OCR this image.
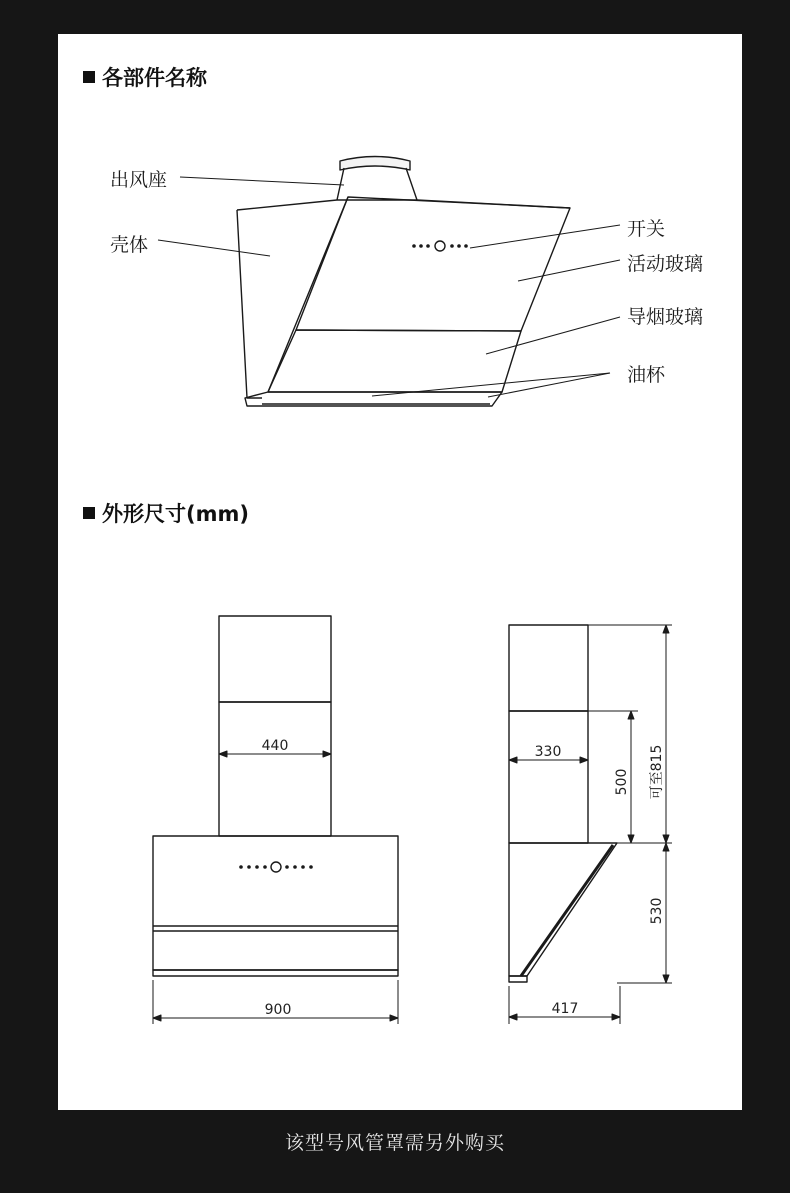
各部件名称
外形尺寸(mm)
出风座
壳体
开关
活动玻璃
导烟玻璃
油杯
440
900
330
417
500 可至815
530
该型号风管罩需另外购买
